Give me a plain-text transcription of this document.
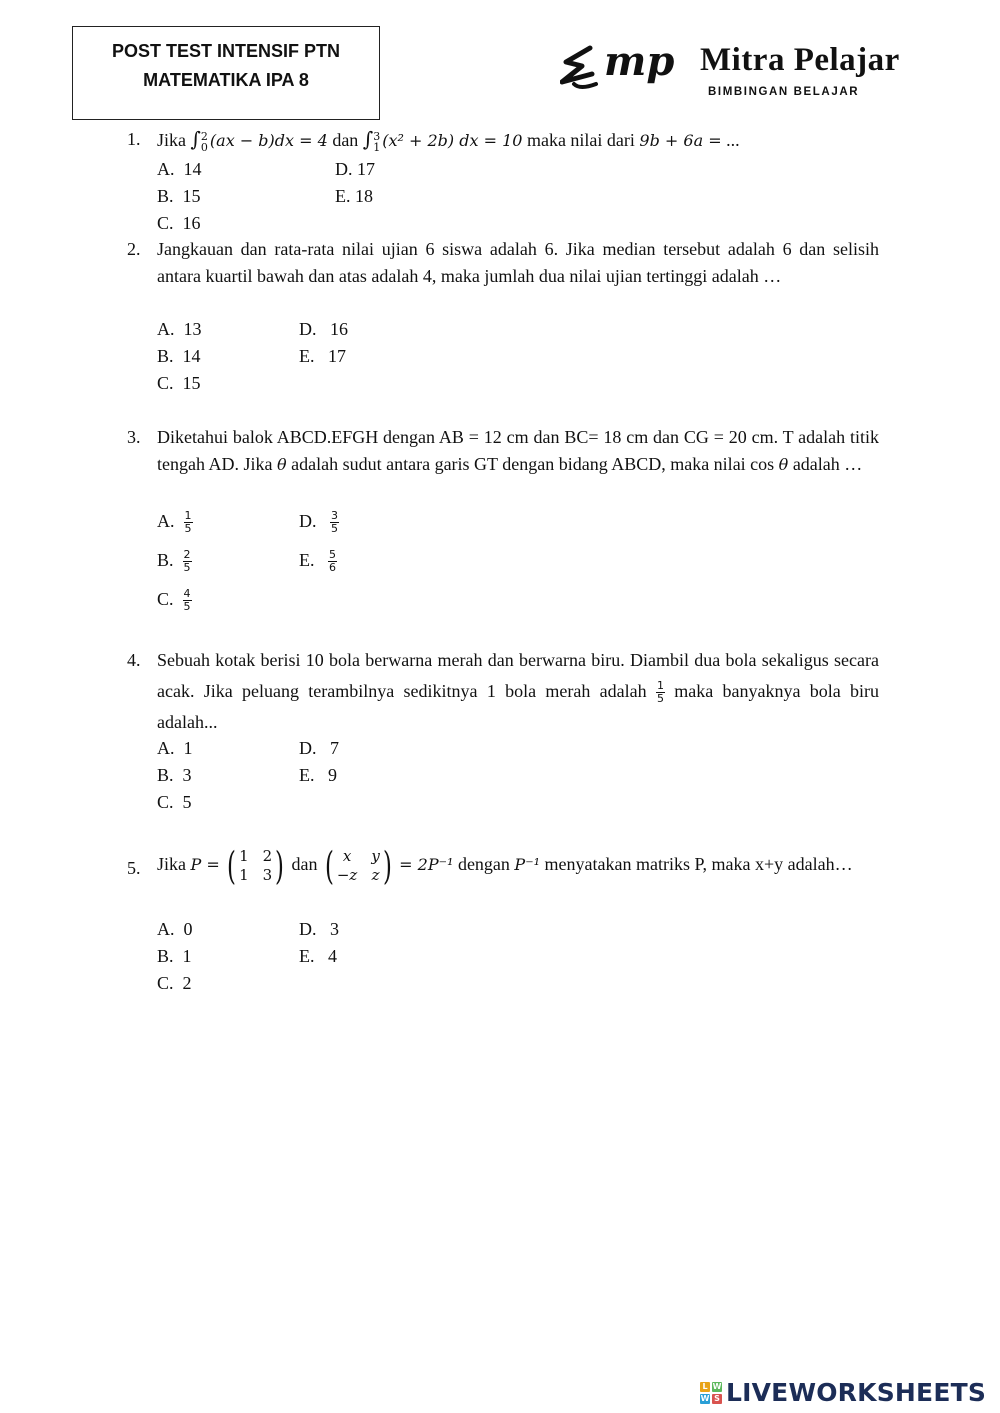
POST TEST INTENSIF PTN
MATEMATIKA IPA 8	mp Mitra Pelajar
BIMBINGAN BELAJAR
1. Jika ∫ 2
0 (ax − b)dx = 4 dan ∫ 3
1 (x² + 2b) dx = 10 maka nilai dari 9b + 6a = ...
A. 14
B. 15
C. 16
D. 17
E. 18
2. Jangkauan dan rata-rata nilai ujian 6 siswa adalah 6. Jika median tersebut adalah 6 dan selisih antara kuartil bawah dan atas adalah 4, maka jumlah dua nilai ujian tertinggi adalah …
A. 13
B. 14
C. 15
D. 16
E. 17
3. Diketahui balok ABCD.EFGH dengan AB = 12 cm dan BC= 18 cm dan CG = 20 cm. T adalah titik tengah AD. Jika θ adalah sudut antara garis GT dengan bidang ABCD, maka nilai cos θ adalah …
A. $\frac{1}{5}$
B. $\frac{2}{5}$
C. $\frac{4}{5}$
D. $\frac{3}{5}$
E. $\frac{5}{6}$
4. Sebuah kotak berisi 10 bola berwarna merah dan berwarna biru. Diambil dua bola sekaligus secara acak. Jika peluang terambilnya sedikitnya 1 bola merah adalah $\frac{1}{5}$ maka banyaknya bola biru adalah...
A. 1
B. 3
C. 5
D. 7
E. 9
5. Jika P = ( 1 2
1 3 ) dan ( x	y
−z z ) = 2P⁻¹ dengan P⁻¹ menyatakan matriks P, maka x+y adalah…
A. 0
B. 1
C. 2
D. 3
E. 4
L W
W S LIVEWORKSHEETS
